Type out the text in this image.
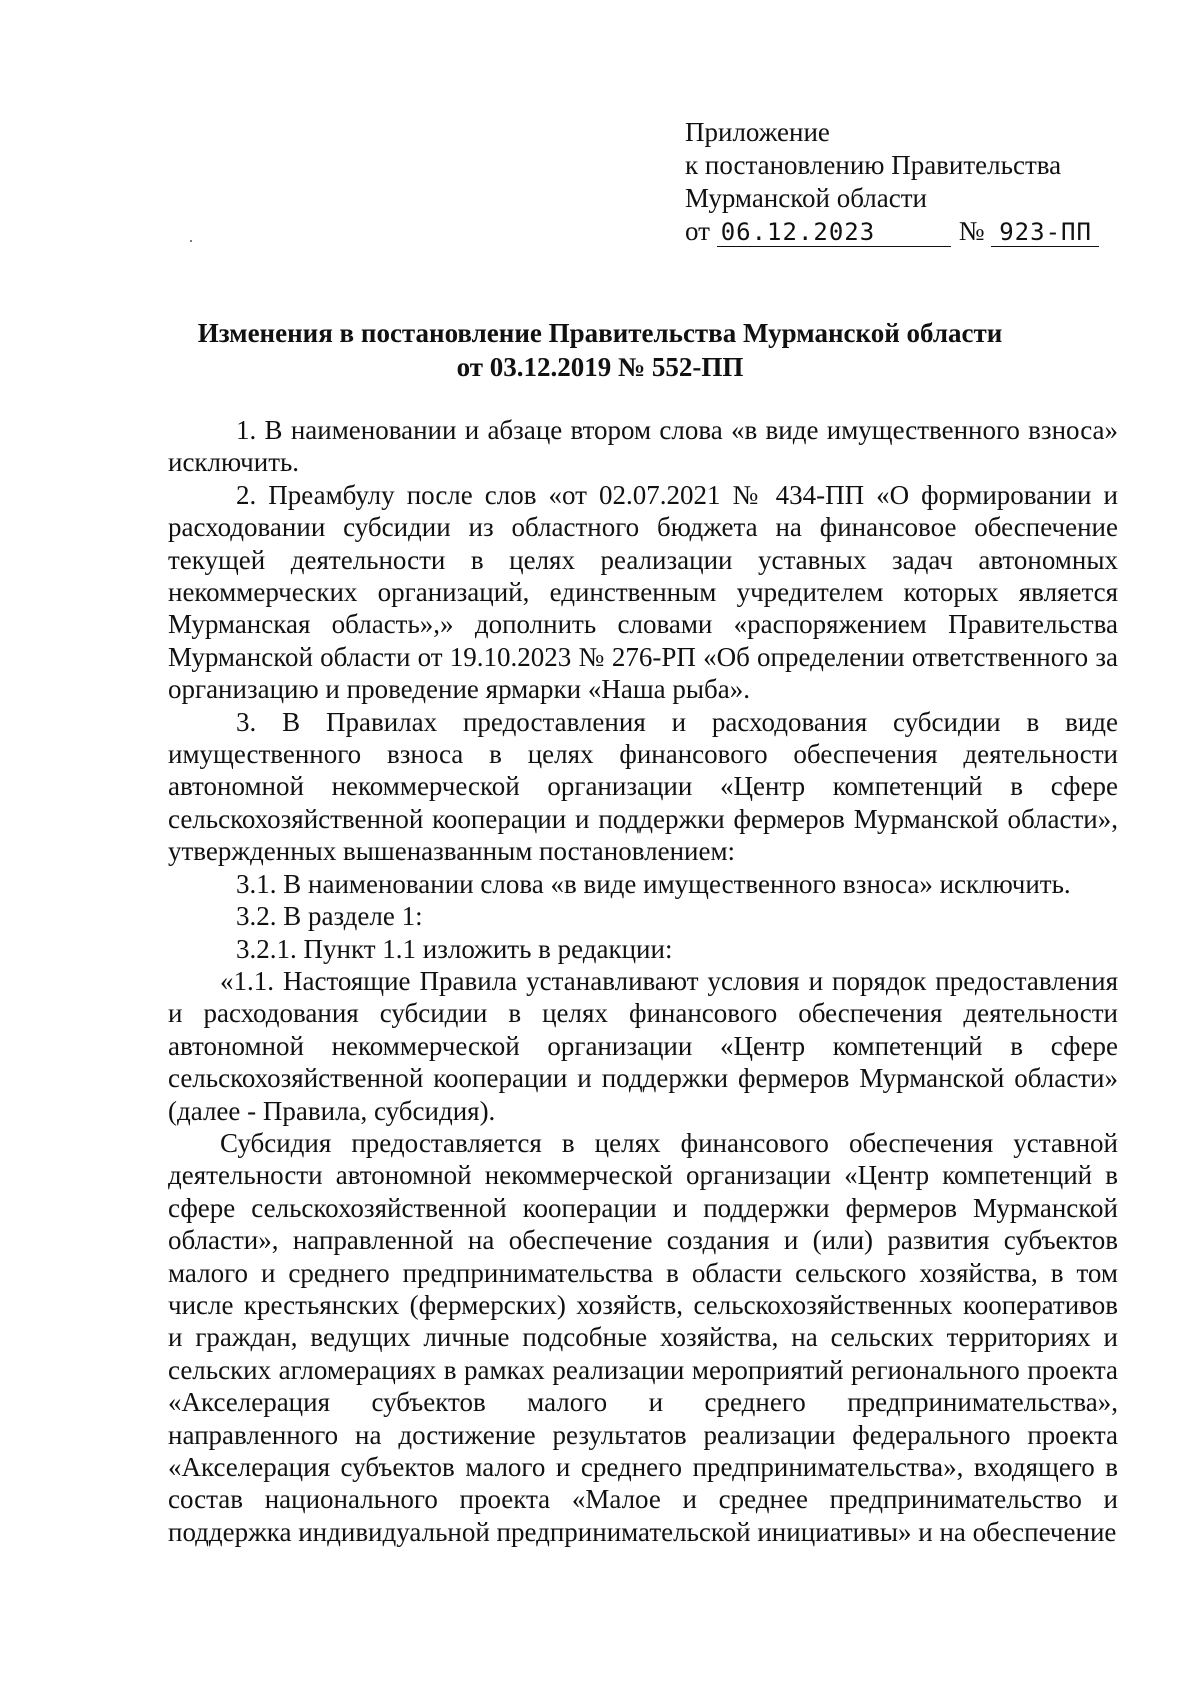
Приложение
к постановлению Правительства
Мурманской области
от 06.12.2023	№ 923-ПП
Изменения в постановление Правительства Мурманской области
от 03.12.2019 № 552-ПП

1. В наименовании и абзаце втором слова «в виде имущественного взноса» исключить.

2. Преамбулу после слов «от 02.07.2021 № 434-ПП «О формировании и расходовании субсидии из областного бюджета на финансовое обеспечение текущей деятельности в целях реализации уставных задач автономных некоммерческих организаций, единственным учредителем которых является Мурманская область»,» дополнить словами «распоряжением Правительства Мурманской области от 19.10.2023 № 276-РП «Об определении ответственного за организацию и проведение ярмарки «Наша рыба».

3. В Правилах предоставления и расходования субсидии в виде имущественного взноса в целях финансового обеспечения деятельности автономной некоммерческой организации «Центр компетенций в сфере сельскохозяйственной кооперации и поддержки фермеров Мурманской области», утвержденных вышеназванным постановлением:

3.1. В наименовании слова «в виде имущественного взноса» исключить.

3.2. В разделе 1:

3.2.1. Пункт 1.1 изложить в редакции:

«1.1. Настоящие Правила устанавливают условия и порядок предоставления и расходования субсидии в целях финансового обеспечения деятельности автономной некоммерческой организации «Центр компетенций в сфере сельскохозяйственной кооперации и поддержки фермеров Мурманской области» (далее - Правила, субсидия).

Субсидия предоставляется в целях финансового обеспечения уставной деятельности автономной некоммерческой организации «Центр компетенций в сфере сельскохозяйственной кооперации и поддержки фермеров Мурманской области», направленной на обеспечение создания и (или) развития субъектов малого и среднего предпринимательства в области сельского хозяйства, в том числе крестьянских (фермерских) хозяйств, сельскохозяйственных кооперативов и граждан, ведущих личные подсобные хозяйства, на сельских территориях и сельских агломерациях в рамках реализации мероприятий регионального проекта «Акселерация субъектов малого и среднего предпринимательства», направленного на достижение результатов реализации федерального проекта «Акселерация субъектов малого и среднего предпринимательства», входящего в состав национального проекта «Малое и среднее предпринимательство и поддержка индивидуальной предпринимательской инициативы» и на обеспечение
